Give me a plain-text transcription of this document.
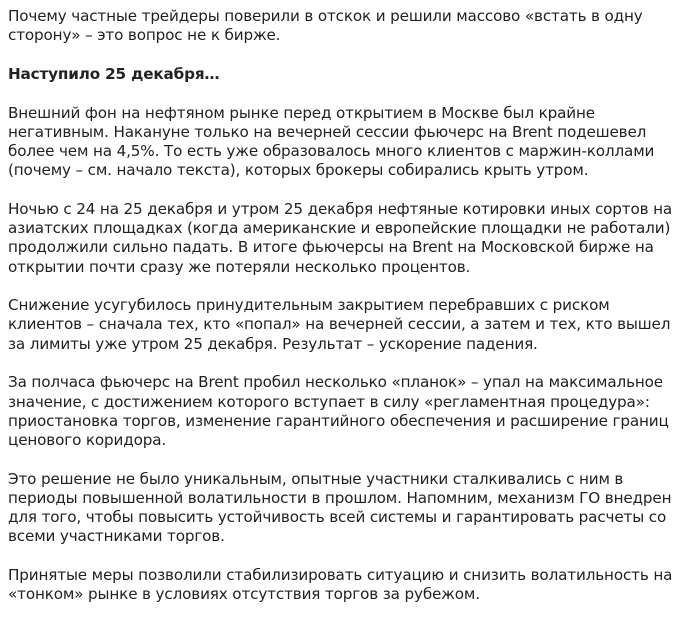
Почему частные трейдеры поверили в отскок и решили массово «встать в одну сторону» – это вопрос не к бирже.

Наступило 25 декабря…

Внешний фон на нефтяном рынке перед открытием в Москве был крайне негативным. Накануне только на вечерней сессии фьючерс на Brent подешевел более чем на 4,5%. То есть уже образовалось много клиентов с маржин-коллами (почему – см. начало текста), которых брокеры собирались крыть утром.

Ночью с 24 на 25 декабря и утром 25 декабря нефтяные котировки иных сортов на азиатских площадках (когда американские и европейские площадки не работали) продолжили сильно падать. В итоге фьючерсы на Brent на Московской бирже на открытии почти сразу же потеряли несколько процентов.

Снижение усугубилось принудительным закрытием перебравших с риском клиентов – сначала тех, кто «попал» на вечерней сессии, а затем и тех, кто вышел за лимиты уже утром 25 декабря. Результат – ускорение падения.

За полчаса фьючерс на Brent пробил несколько «планок» – упал на максимальное значение, с достижением которого вступает в силу «регламентная процедура»: приостановка торгов, изменение гарантийного обеспечения и расширение границ ценового коридора.

Это решение не было уникальным, опытные участники сталкивались с ним в периоды повышенной волатильности в прошлом. Напомним, механизм ГО внедрен для того, чтобы повысить устойчивость всей системы и гарантировать расчеты со всеми участниками торгов.

Принятые меры позволили стабилизировать ситуацию и снизить волатильность на «тонком» рынке в условиях отсутствия торгов за рубежом.
